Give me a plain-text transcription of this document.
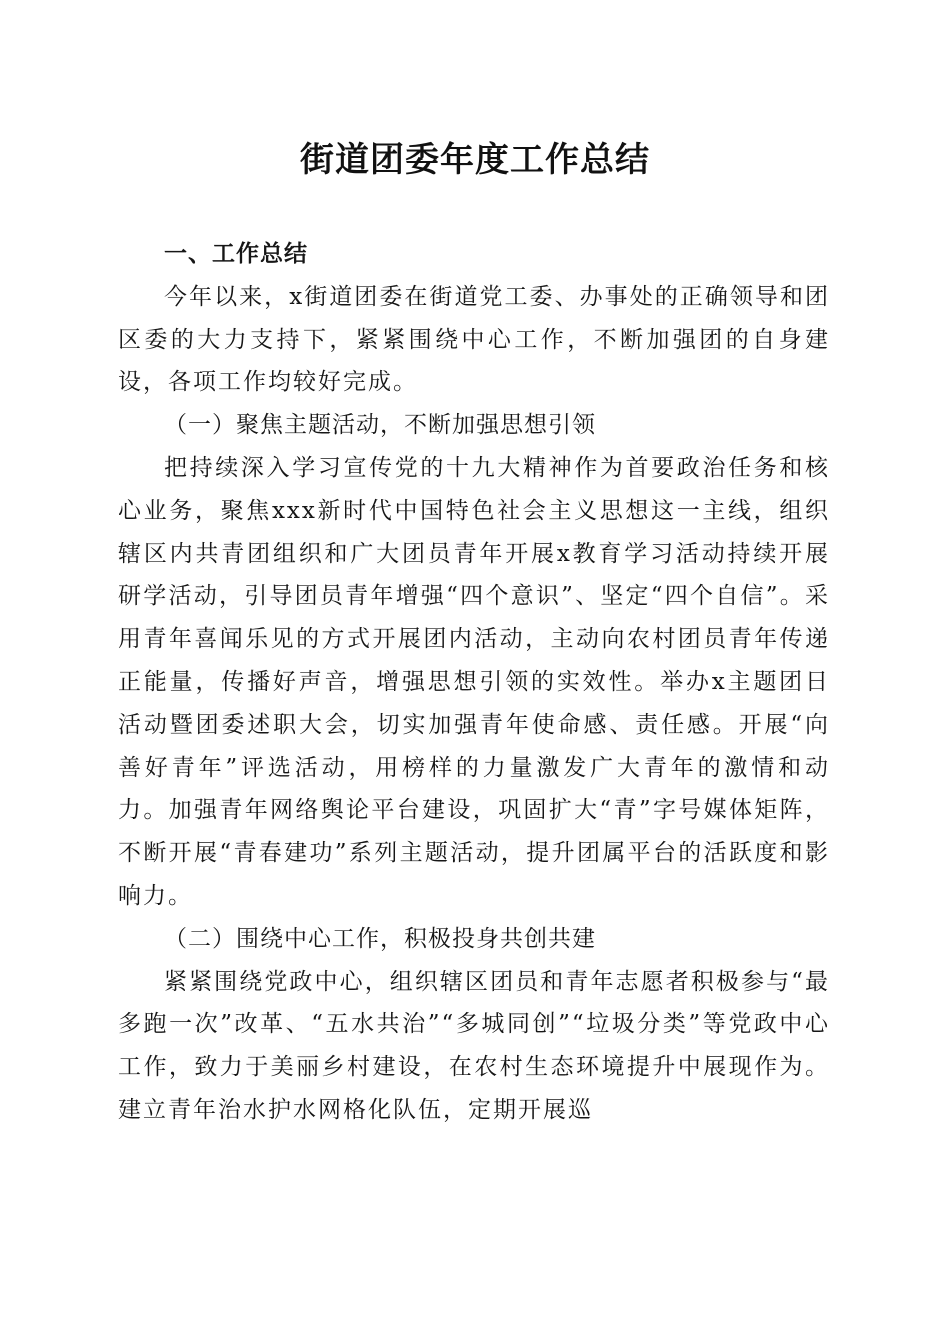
街道团委年度工作总结

一、工作总结

今年以来，x街道团委在街道党工委、办事处的正确领导和团区委的大力支持下，紧紧围绕中心工作，不断加强团的自身建设，各项工作均较好完成。

（一）聚焦主题活动，不断加强思想引领

把持续深入学习宣传党的十九大精神作为首要政治任务和核心业务，聚焦xxx新时代中国特色社会主义思想这一主线，组织辖区内共青团组织和广大团员青年开展x教育学习活动持续开展研学活动，引导团员青年增强“四个意识”、坚定“四个自信”。采用青年喜闻乐见的方式开展团内活动，主动向农村团员青年传递正能量，传播好声音，增强思想引领的实效性。举办x主题团日活动暨团委述职大会，切实加强青年使命感、责任感。开展“向善好青年”评选活动，用榜样的力量激发广大青年的激情和动力。加强青年网络舆论平台建设，巩固扩大“青”字号媒体矩阵，不断开展“青春建功”系列主题活动，提升团属平台的活跃度和影响力。

（二）围绕中心工作，积极投身共创共建

紧紧围绕党政中心，组织辖区团员和青年志愿者积极参与“最多跑一次”改革、“五水共治”“多城同创”“垃圾分类”等党政中心工作，致力于美丽乡村建设，在农村生态环境提升中展现作为。建立青年治水护水网格化队伍，定期开展巡
